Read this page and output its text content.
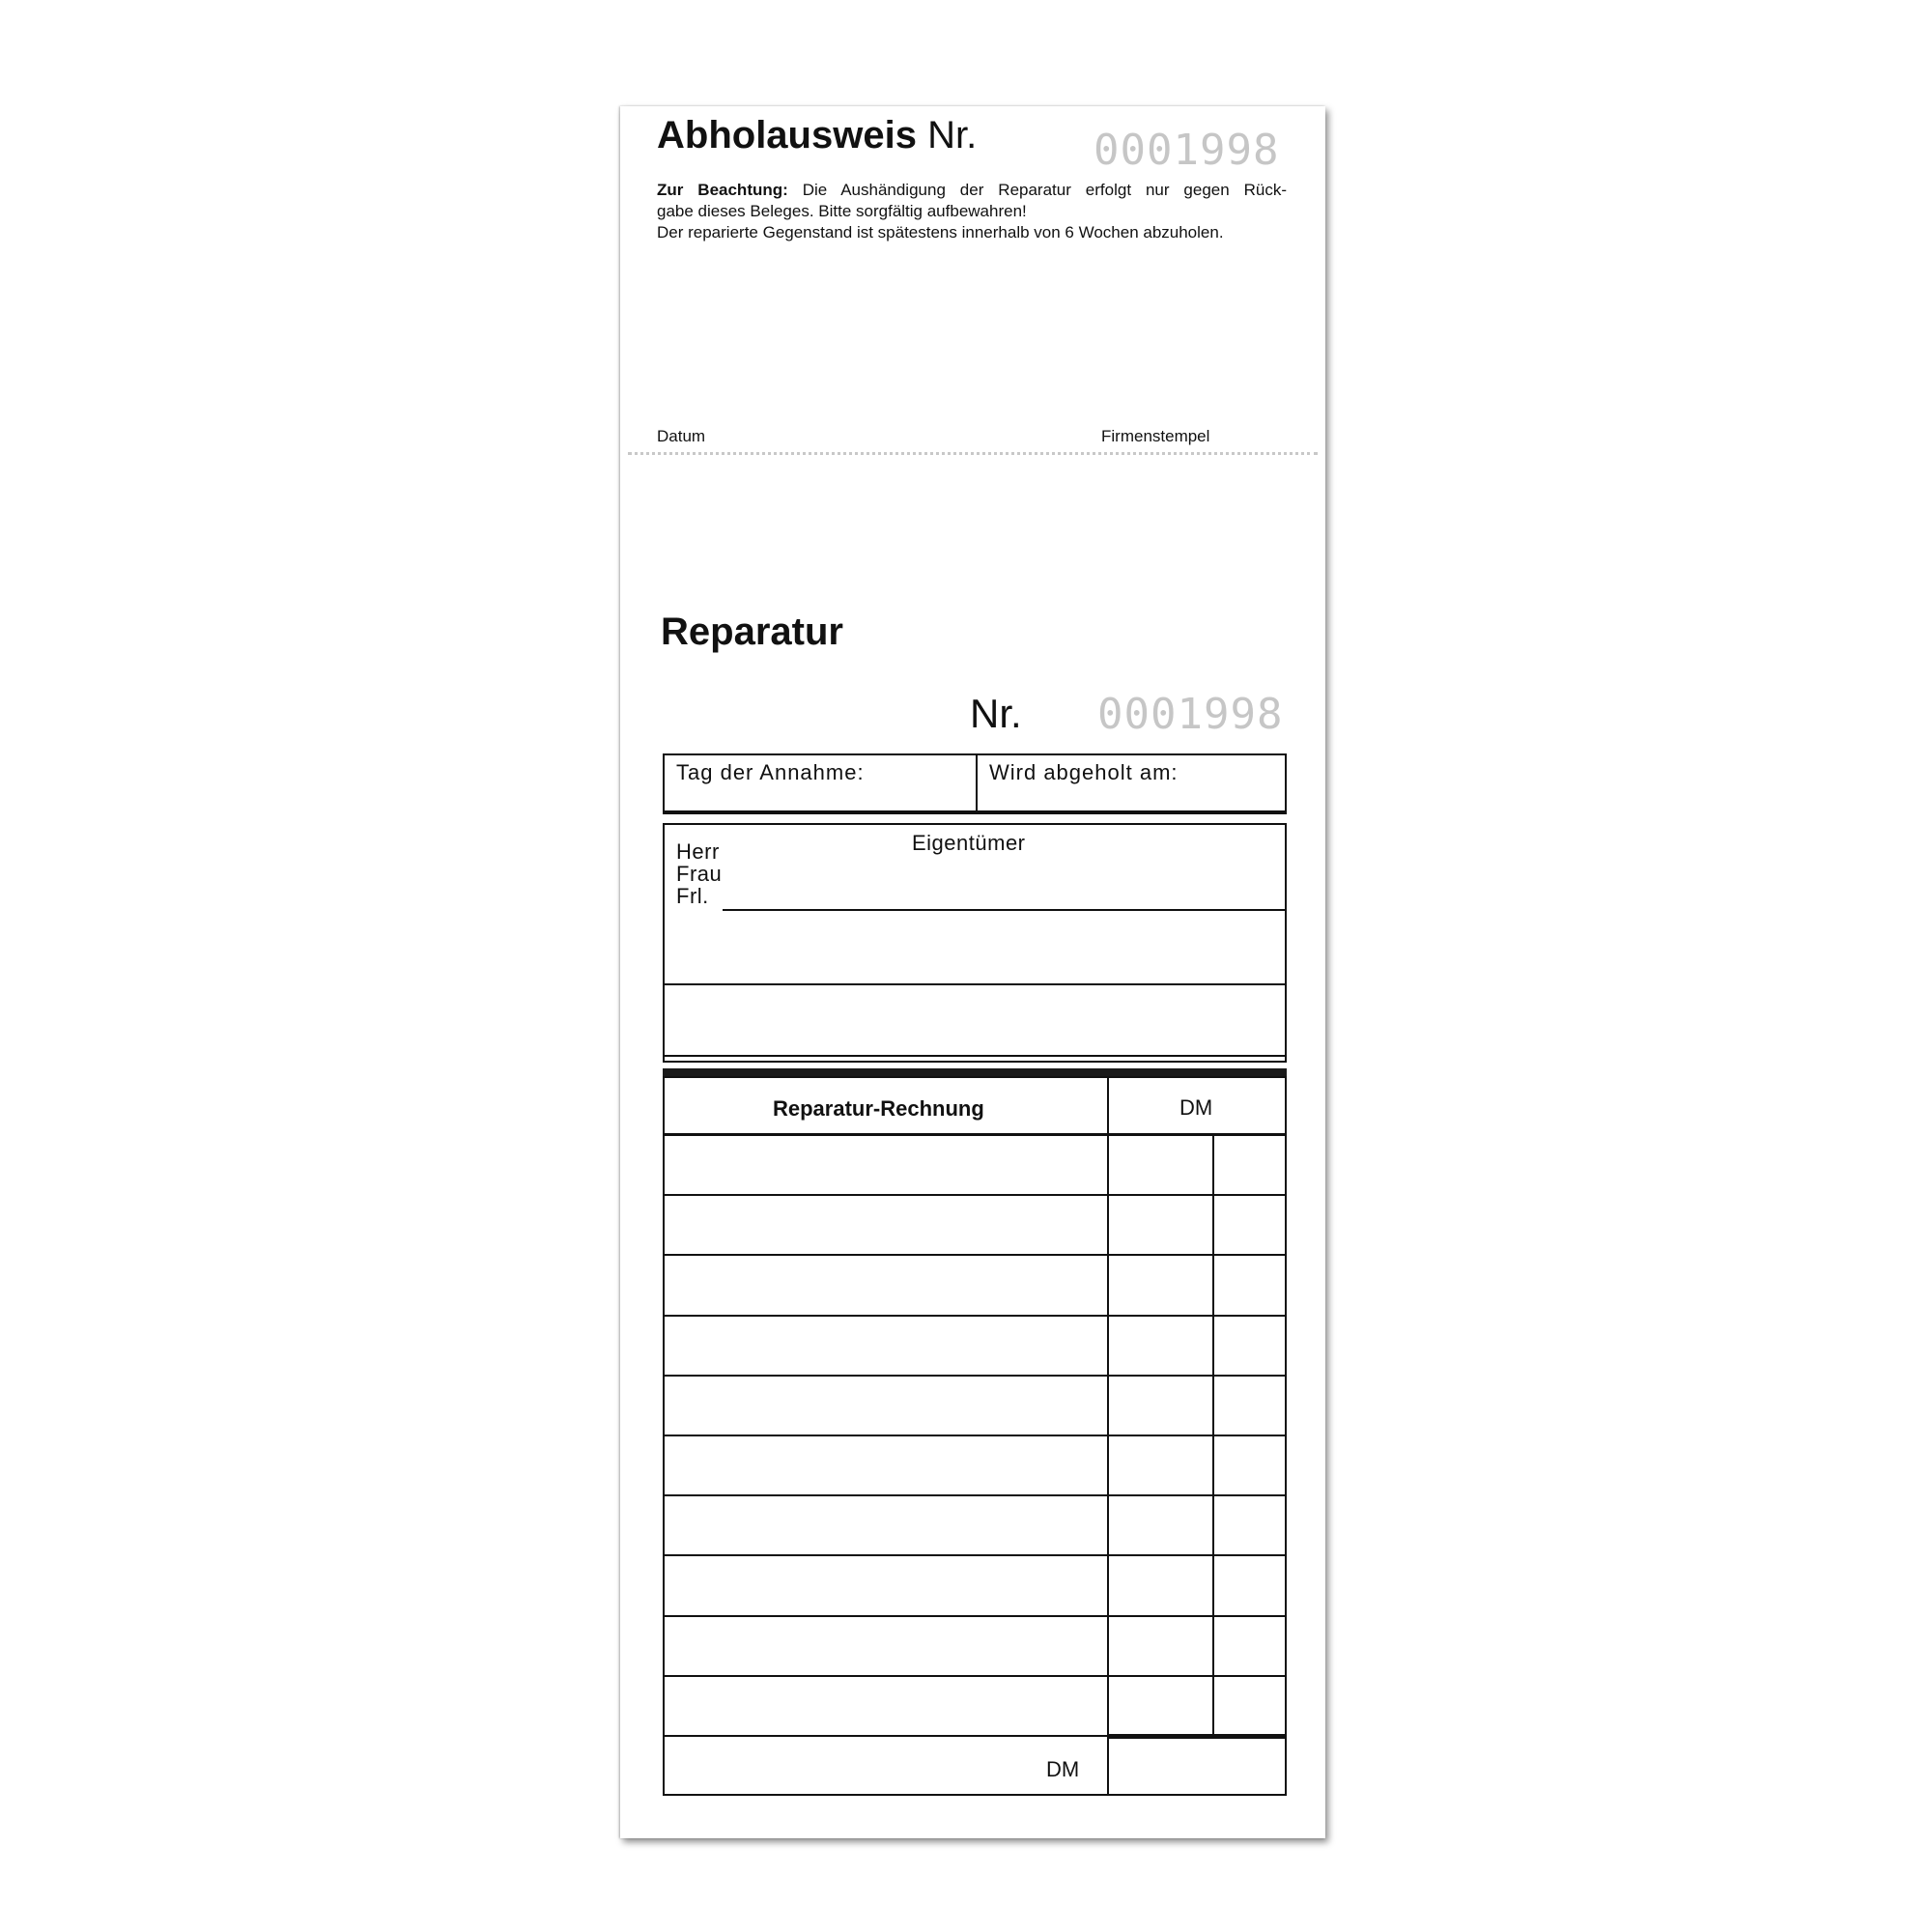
Abholausweis Nr.	0001998

Zur Beachtung: Die Aushändigung der Reparatur erfolgt nur gegen Rück-

gabe dieses Beleges. Bitte sorgfältig aufbewahren!

Der reparierte Gegenstand ist spätestens innerhalb von 6 Wochen abzuholen.

Datum	Firmenstempel
Reparatur
Nr. 0001998
Tag der Annahme:	Wird abgeholt am:
Eigentümer
Herr
Frau
Frl.
Reparatur-Rechnung	DM
DM
